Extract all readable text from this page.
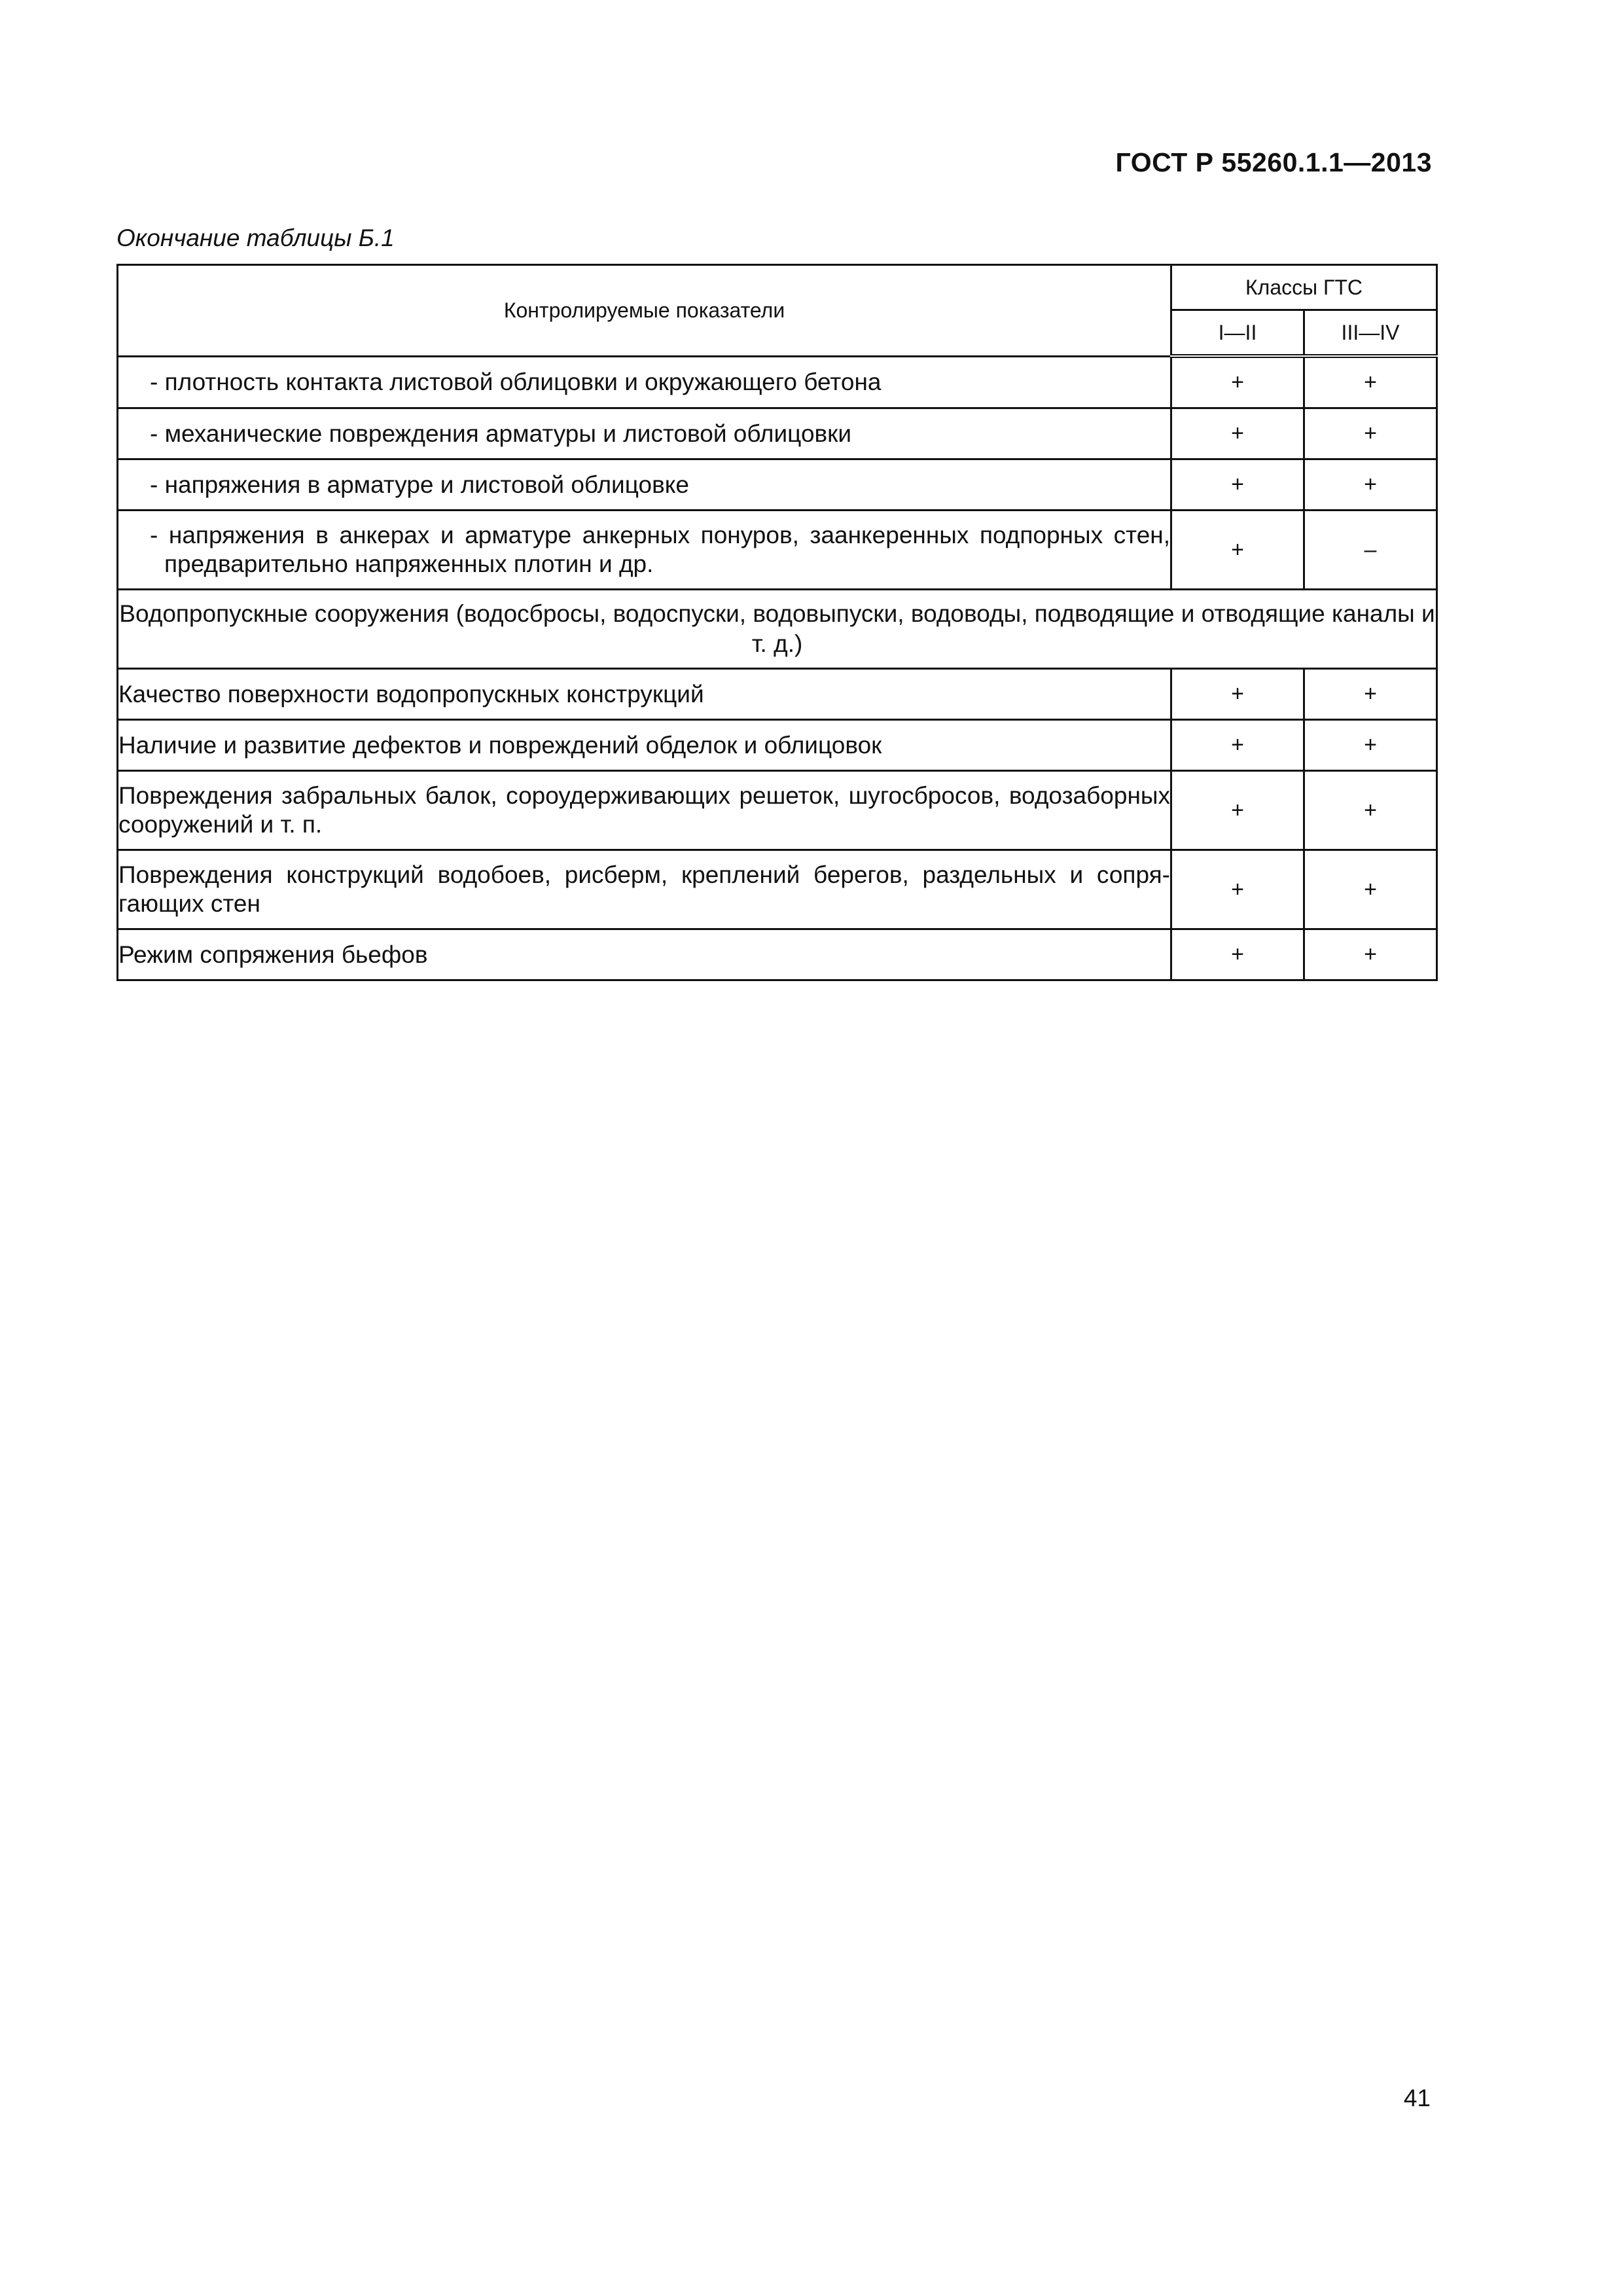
ГОСТ Р 55260.1.1—2013
Окончание таблицы Б.1
Контролируемые показатели	Классы ГТС	
	I—II	III—IV
- плотность контакта листовой облицовки и окружающего бетона	+	+
- механические повреждения арматуры и листовой облицовки	+	+
- напряжения в арматуре и листовой облицовке	+	+
- напряжения в анкерах и арматуре анкерных понуров, заанкеренных подпорных стен, предварительно напряженных плотин и др.	+	–
Водопропускные сооружения (водосбросы, водоспуски, водовыпуски, водоводы, подводящие и отводящие каналы и т. д.)		
Качество поверхности водопропускных конструкций	+	+
Наличие и развитие дефектов и повреждений обделок и облицовок	+	+
Повреждения забральных балок, сороудерживающих решеток, шугосбросов, водозаборных сооружений и т. п.	+	+
Повреждения конструкций водобоев, рисберм, креплений берегов, раздельных и сопрягающих стен	+	+
Режим сопряжения бьефов	+	+
41
